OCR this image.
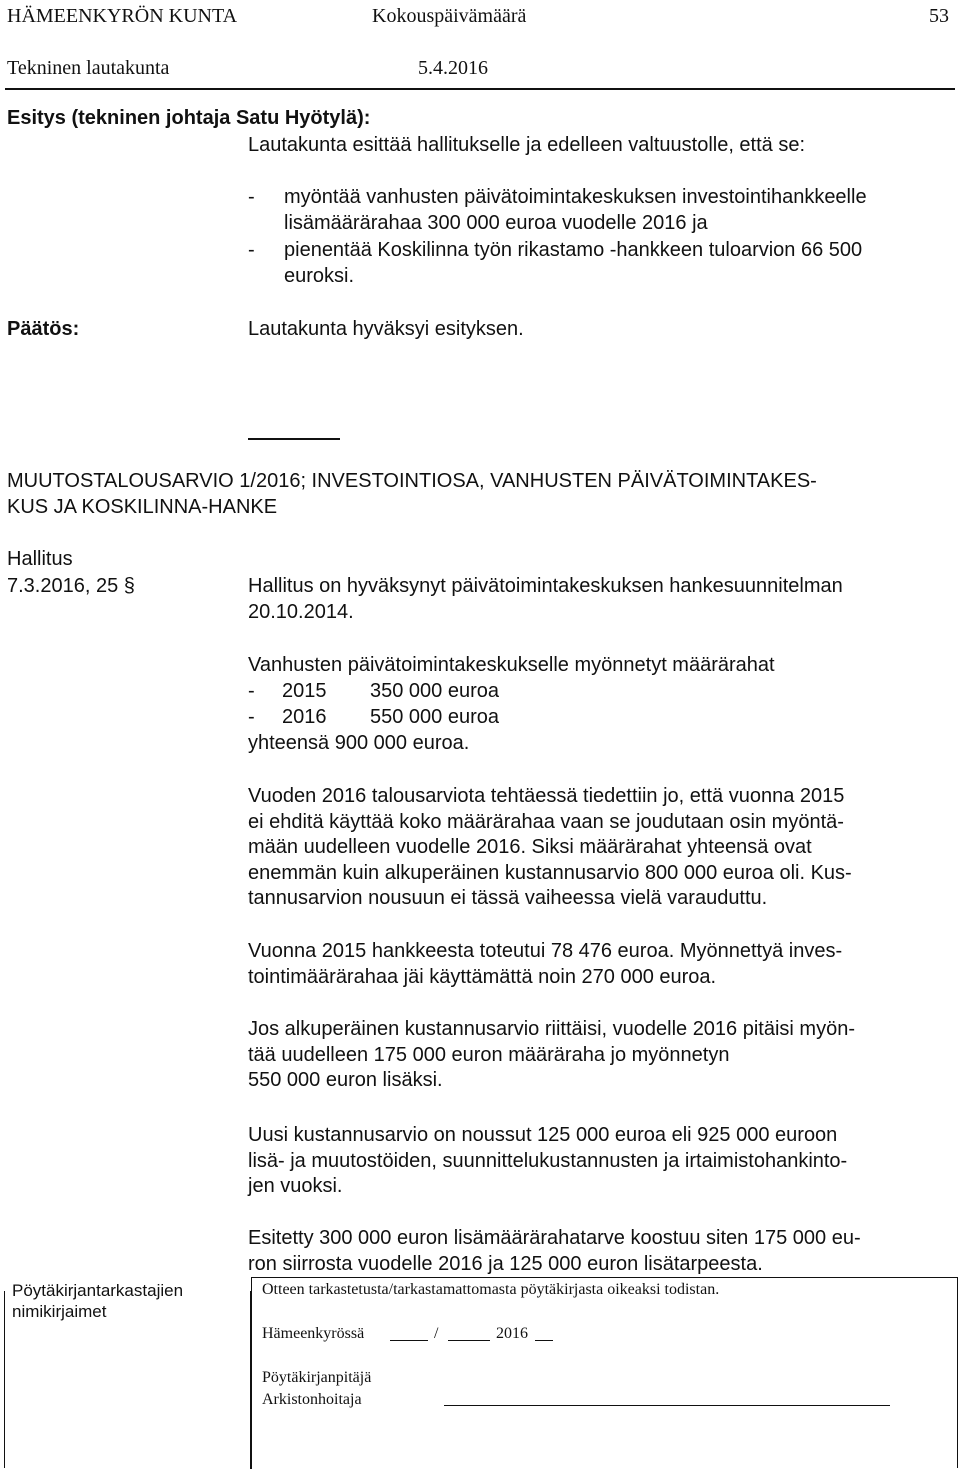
HÄMEENKYRÖN KUNTA	Kokouspäivämäärä	53
Tekninen lautakunta	5.4.2016
Esitys (tekninen johtaja Satu Hyötylä):
Lautakunta esittää hallitukselle ja edelleen valtuustolle, että se:
- myöntää vanhusten päivätoimintakeskuksen investointihankkeelle
lisämäärärahaa 300 000 euroa vuodelle 2016 ja
- pienentää Koskilinna työn rikastamo -hankkeen tuloarvion 66 500
euroksi.
Päätös:	Lautakunta hyväksyi esityksen.
MUUTOSTALOUSARVIO 1/2016; INVESTOINTIOSA, VANHUSTEN PÄIVÄTOIMINTAKES-
KUS JA KOSKILINNA-HANKE
Hallitus
7.3.2016, 25 §	Hallitus on hyväksynyt päivätoimintakeskuksen hankesuunnitelman
20.10.2014.
Vanhusten päivätoimintakeskukselle myönnetyt määrärahat
-	2015	350 000 euroa
-	2016	550 000 euroa
yhteensä 900 000 euroa.
Vuoden 2016 talousarviota tehtäessä tiedettiin jo, että vuonna 2015
ei ehditä käyttää koko määrärahaa vaan se joudutaan osin myöntä-
mään uudelleen vuodelle 2016. Siksi määrärahat yhteensä ovat
enemmän kuin alkuperäinen kustannusarvio 800 000 euroa oli. Kus-
tannusarvion nousuun ei tässä vaiheessa vielä varauduttu.
Vuonna 2015 hankkeesta toteutui 78 476 euroa. Myönnettyä inves-
tointimäärärahaa jäi käyttämättä noin 270 000 euroa.
Jos alkuperäinen kustannusarvio riittäisi, vuodelle 2016 pitäisi myön-
tää uudelleen 175 000 euron määräraha jo myönnetyn
550 000 euron lisäksi.
Uusi kustannusarvio on noussut 125 000 euroa eli 925 000 euroon
lisä- ja muutostöiden, suunnittelukustannusten ja irtaimistohankinto-
jen vuoksi.
Esitetty 300 000 euron lisämäärärahatarve koostuu siten 175 000 eu-
ron siirrosta vuodelle 2016 ja 125 000 euron lisätarpeesta.
Pöytäkirjantarkastajien
nimikirjaimet
Otteen tarkastetusta/tarkastamattomasta pöytäkirjasta oikeaksi todistan.
Hämeenkyrössä	/	2016
Pöytäkirjanpitäjä
Arkistonhoitaja
